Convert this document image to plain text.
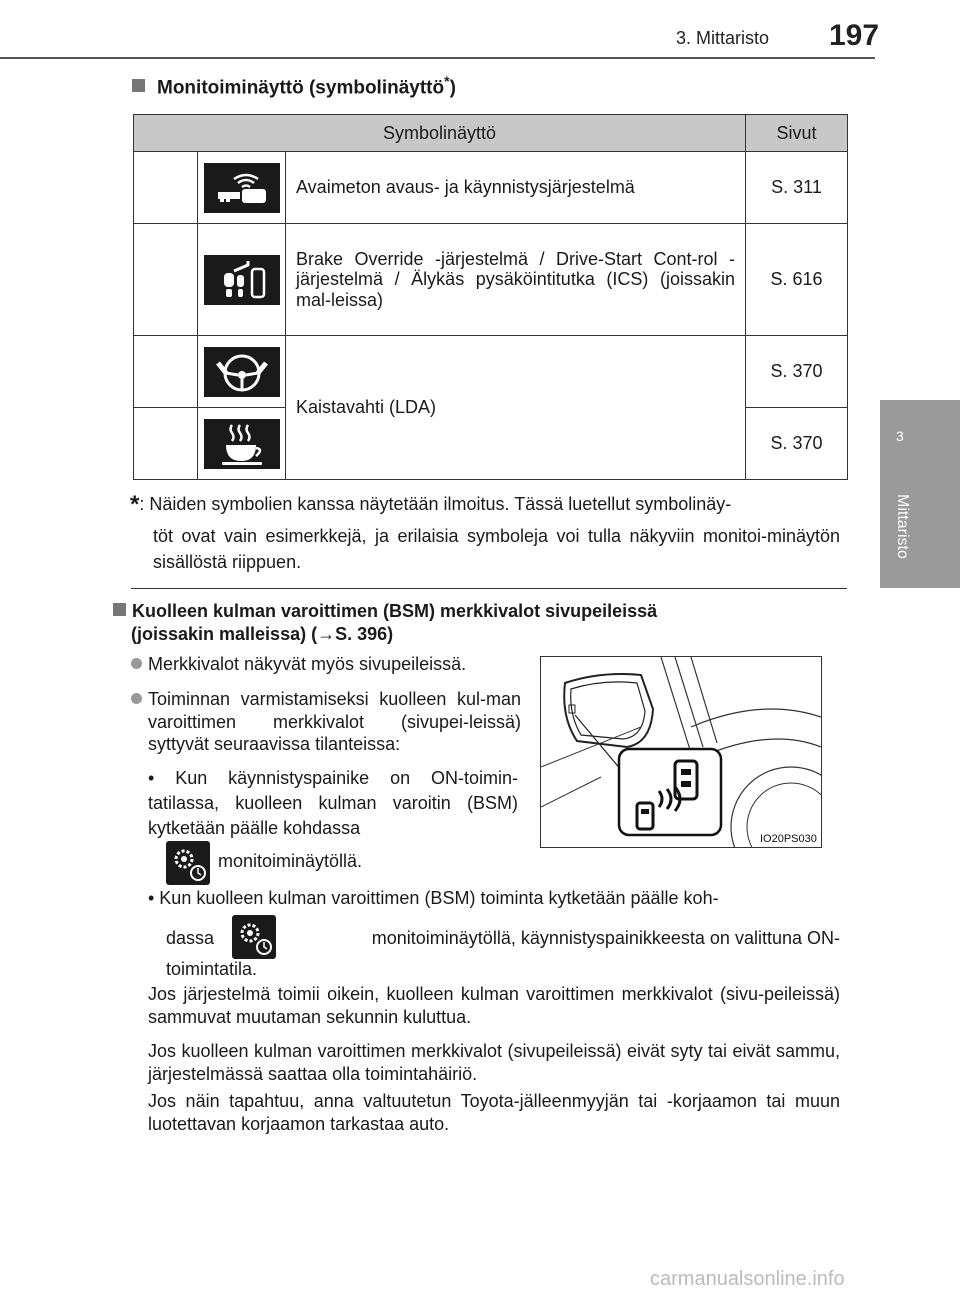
3. Mittaristo 197
3
Mittaristo
Monitoiminäyttö (symbolinäyttö*)
Symbolinäyttö			Sivut

	Avaimeton avaus- ja käynnistysjärjestelmä	S. 311

	Brake Override -järjestelmä / Drive-Start Cont-rol -järjestelmä / Älykäs pysäköintitutka (ICS) (joissakin mal-leissa)	S. 616

	Kaistavahti (LDA)	S. 370

	S. 370
*: Näiden symbolien kanssa näytetään ilmoitus. Tässä luetellut symbolinäy-
töt ovat vain esimerkkejä, ja erilaisia symboleja voi tulla näkyviin monitoi-minäytön sisällöstä riippuen.
Kuolleen kulman varoittimen (BSM) merkkivalot sivupeileissä
(joissakin malleissa) (→S. 396)
Merkkivalot näkyvät myös sivupeileissä.
Toiminnan varmistamiseksi kuolleen kul-man varoittimen merkkivalot (sivupei-leissä) syttyvät seuraavissa tilanteissa:
• Kun käynnistyspainike on ON-toimin-tatilassa, kuolleen kulman varoitin (BSM) kytketään päälle kohdassa
monitoiminäytöllä.
• Kun kuolleen kulman varoittimen (BSM) toiminta kytketään päälle koh-
dassa	monitoiminäytöllä, käynnistyspainikkeesta on valittuna ON-
toimintatila.
Jos järjestelmä toimii oikein, kuolleen kulman varoittimen merkkivalot (sivu-peileissä) sammuvat muutaman sekunnin kuluttua.
Jos kuolleen kulman varoittimen merkkivalot (sivupeileissä) eivät syty tai eivät sammu, järjestelmässä saattaa olla toimintahäiriö.
Jos näin tapahtuu, anna valtuutetun Toyota-jälleenmyyjän tai -korjaamon tai muun luotettavan korjaamon tarkastaa auto.
IO20PS030
carmanualsonline.info
